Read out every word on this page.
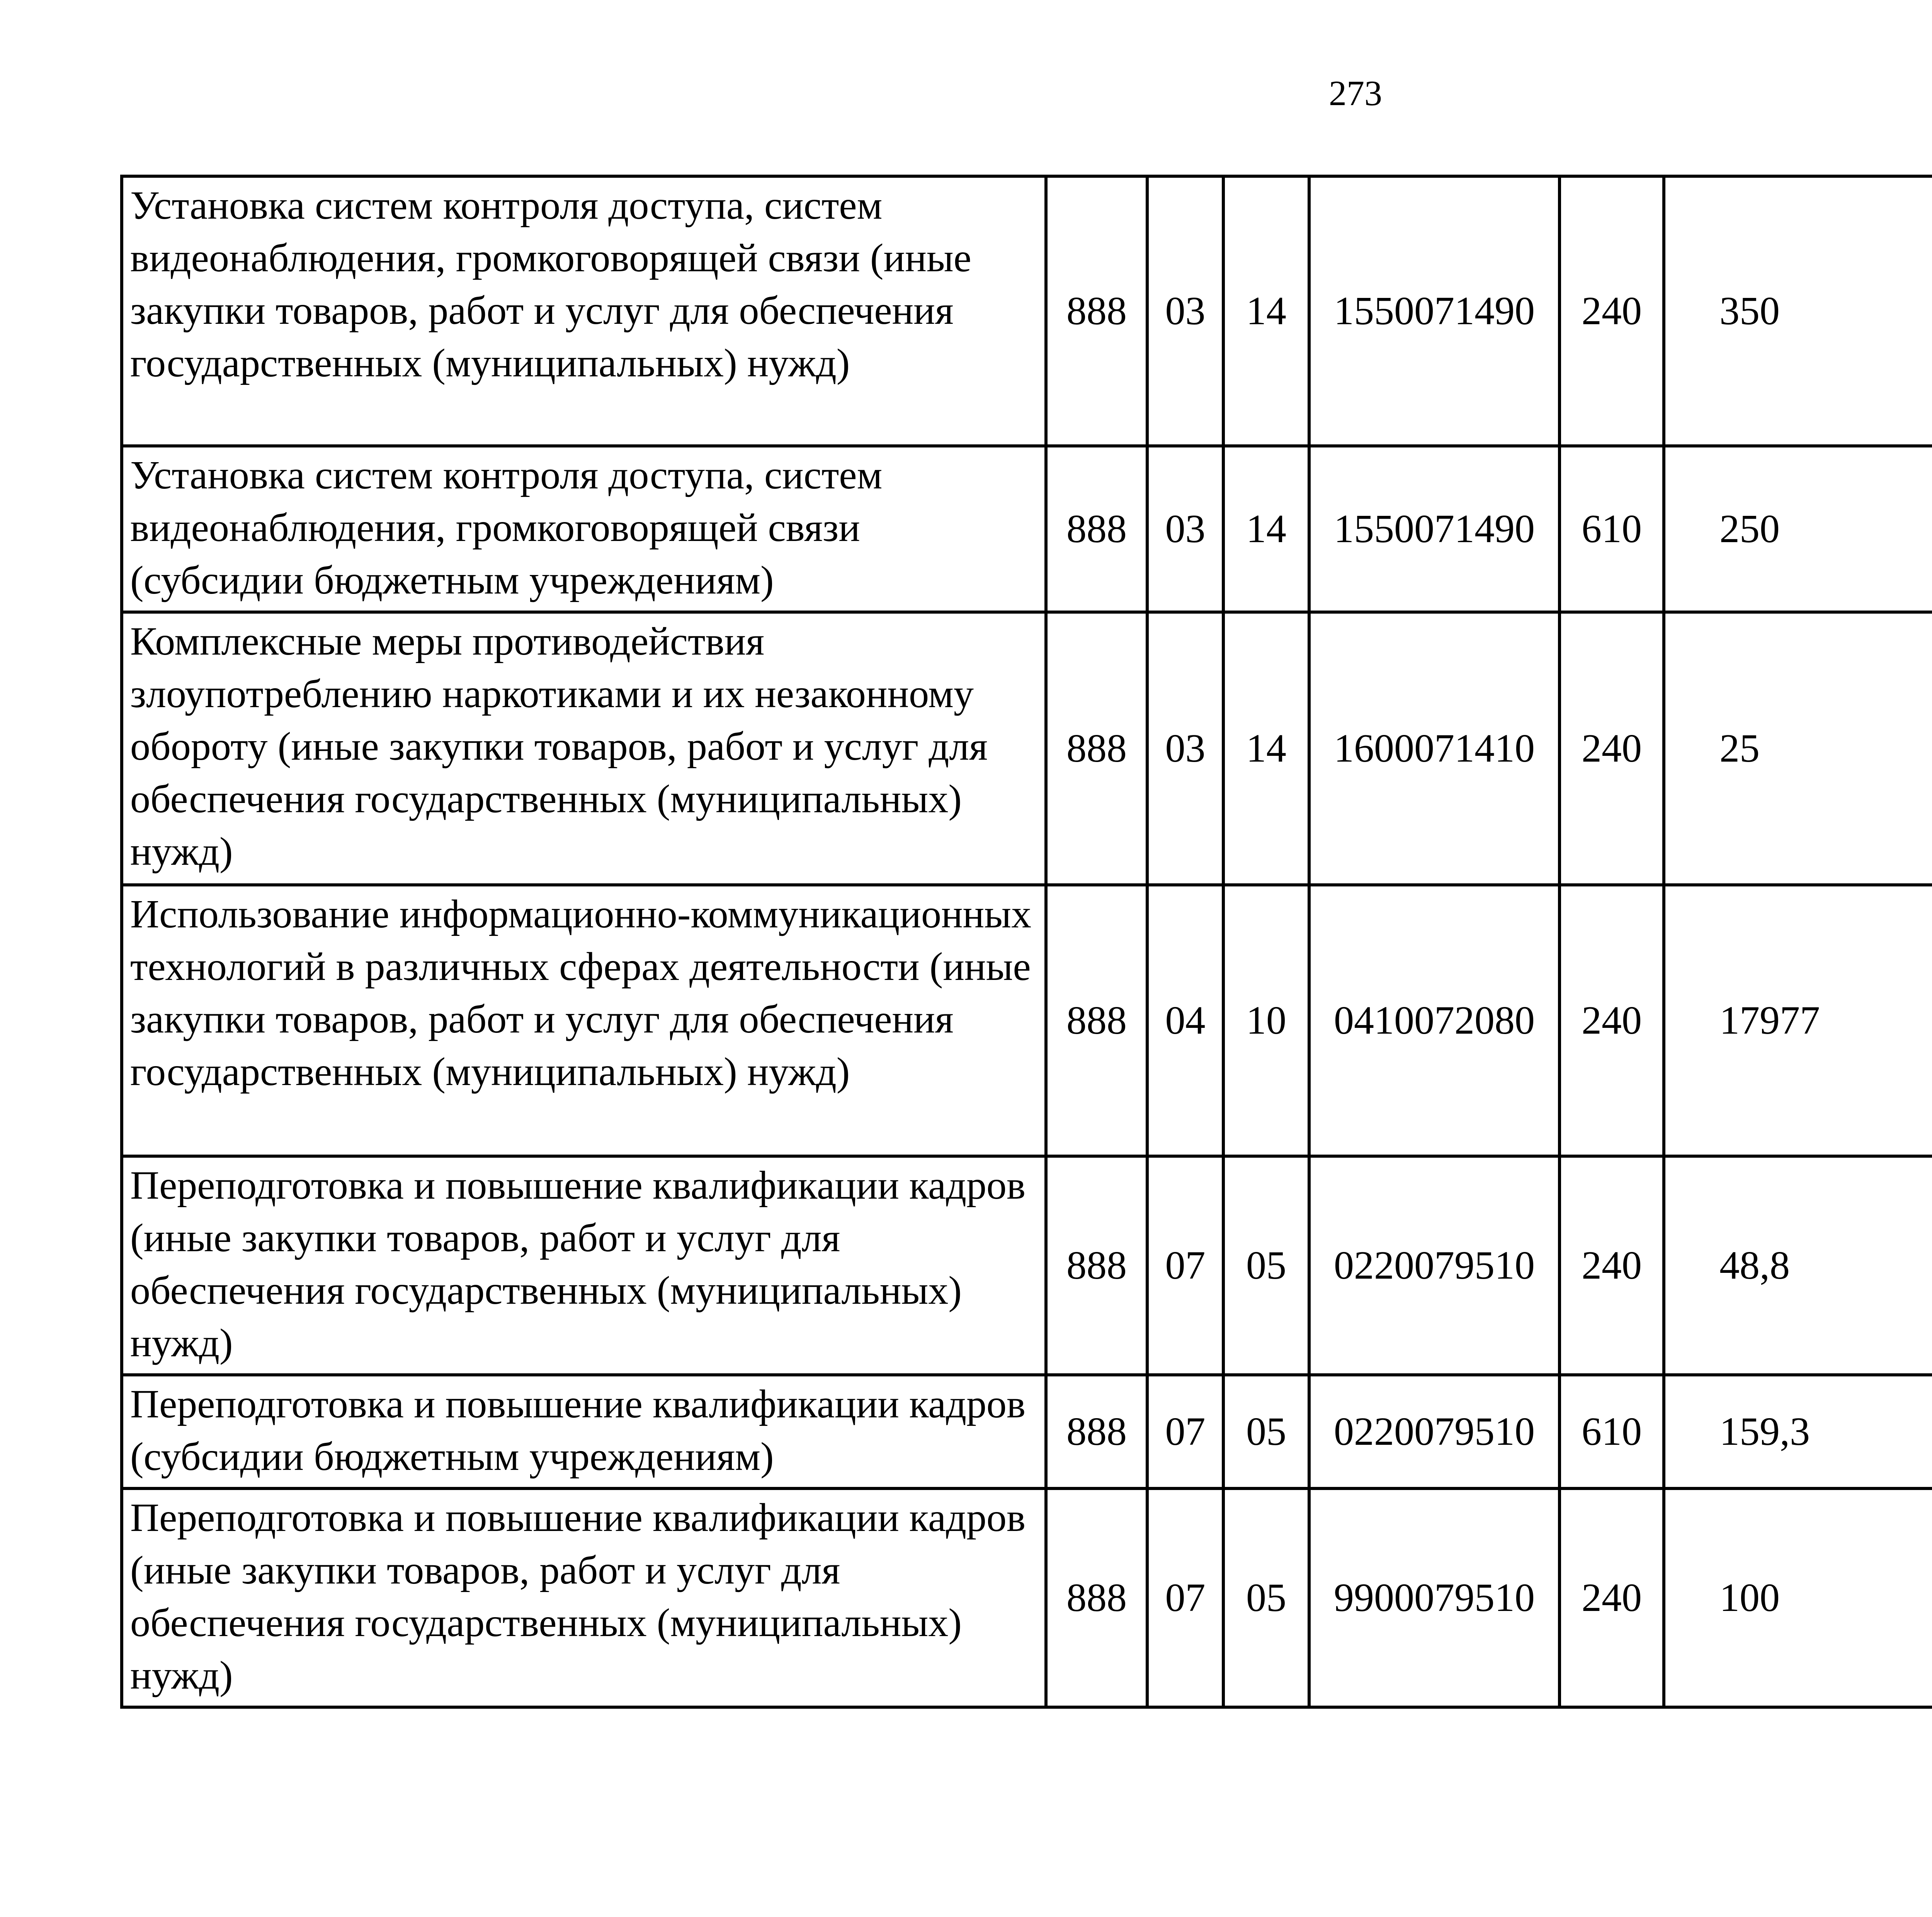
273
Установка систем контроля доступа, систем видеонаблюдения, громкоговорящей связи (иные закупки товаров, работ и услуг для обеспечения государственных (муниципальных) нужд)	888	03	14	1550071490	240	350		

Установка систем контроля доступа, систем видеонаблюдения, громкоговорящей связи (субсидии бюджетным учреждениям)	888	03	14	1550071490	610	250		

Комплексные меры противодействия злоупотреблению наркотиками и их незаконному обороту (иные закупки товаров, работ и услуг для обеспечения государственных (муниципальных) нужд)	888	03	14	1600071410	240	25		

Использование информационно-коммуникационных технологий в различных сферах деятельности (иные закупки товаров, работ и услуг для обеспечения государственных (муниципальных) нужд)	888	04	10	0410072080	240	17977		

Переподготовка и повышение квалификации кадров (иные закупки товаров, работ и услуг для обеспечения государственных (муниципальных) нужд)	888	07	05	0220079510	240	48,8		

Переподготовка и повышение квалификации кадров (субсидии бюджетным учреждениям)	888	07	05	0220079510	610	159,3		

Переподготовка и повышение квалификации кадров (иные закупки товаров, работ и услуг для обеспечения государственных (муниципальных) нужд)	888	07	05	9900079510	240	100		
